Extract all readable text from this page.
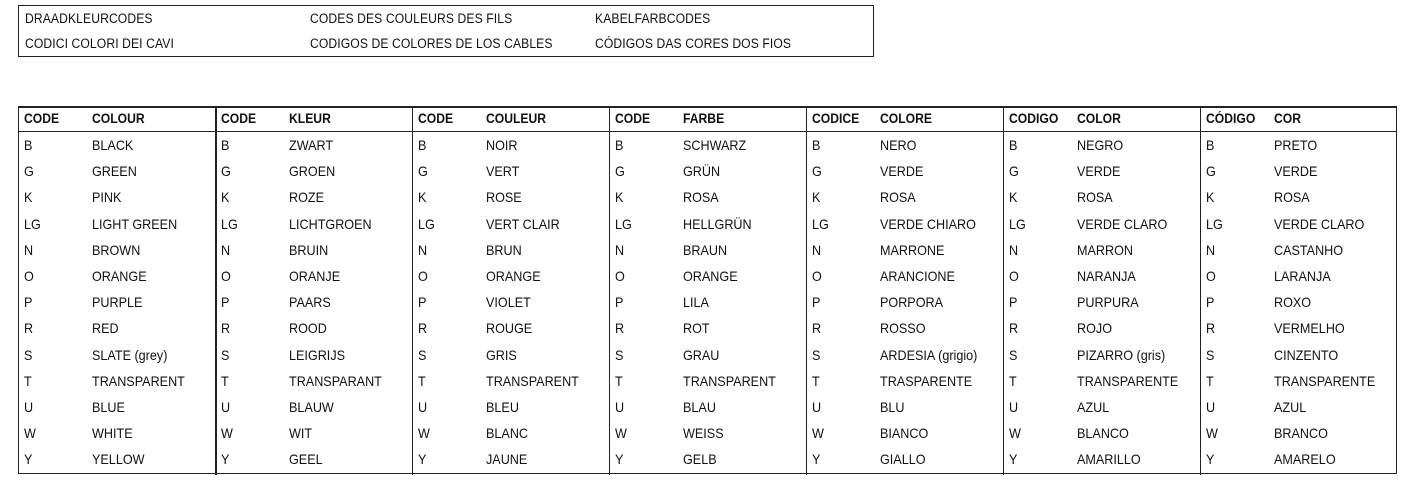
DRAADKLEURCODES	CODES DES COULEURS DES FILS	KABELFARBCODES
CODICI COLORI DEI CAVI	CODIGOS DE COLORES DE LOS CABLES	CÓDIGOS DAS CORES DOS FIOS
CODE COLOUR
B	BLACK
G	GREEN
K	PINK
LG	LIGHT GREEN
N	BROWN
O	ORANGE
P	PURPLE
R	RED
S	SLATE (grey)
T	TRANSPARENT
U	BLUE
W	WHITE
Y	YELLOW
CODE KLEUR
B	ZWART
G	GROEN
K	ROZE
LG	LICHTGROEN
N	BRUIN
O	ORANJE
P	PAARS
R	ROOD
S	LEIGRIJS
T	TRANSPARANT
U	BLAUW
W	WIT
Y	GEEL
CODE COULEUR
B	NOIR
G	VERT
K	ROSE
LG	VERT CLAIR
N	BRUN
O	ORANGE
P	VIOLET
R	ROUGE
S	GRIS
T	TRANSPARENT
U	BLEU
W	BLANC
Y	JAUNE
CODE FARBE
B	SCHWARZ
G	GRÜN
K	ROSA
LG	HELLGRÜN
N	BRAUN
O	ORANGE
P	LILA
R	ROT
S	GRAU
T	TRANSPARENT
U	BLAU
W	WEISS
Y	GELB
CODICE COLORE
B	NERO
G	VERDE
K	ROSA
LG	VERDE CHIARO
N	MARRONE
O	ARANCIONE
P	PORPORA
R	ROSSO
S	ARDESIA (grigio)
T	TRASPARENTE
U	BLU
W	BIANCO
Y	GIALLO
CODIGO COLOR
B	NEGRO
G	VERDE
K	ROSA
LG	VERDE CLARO
N	MARRON
O	NARANJA
P	PURPURA
R	ROJO
S	PIZARRO (gris)
T	TRANSPARENTE
U	AZUL
W	BLANCO
Y	AMARILLO
CÓDIGO COR
B	PRETO
G	VERDE
K	ROSA
LG	VERDE CLARO
N	CASTANHO
O	LARANJA
P	ROXO
R	VERMELHO
S	CINZENTO
T	TRANSPARENTE
U	AZUL
W	BRANCO
Y	AMARELO
